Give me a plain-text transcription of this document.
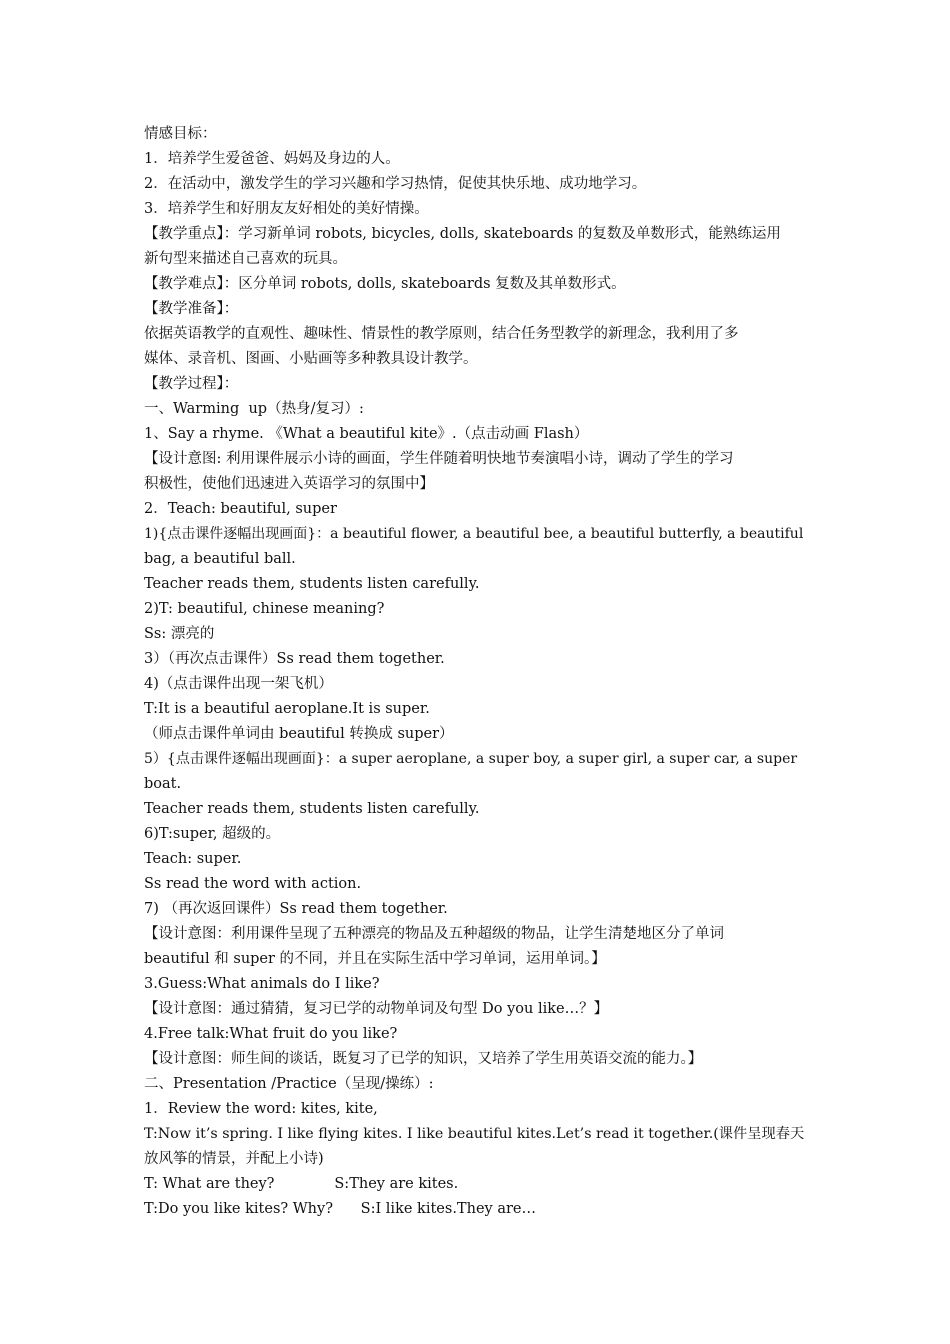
情感目标：
1．培养学生爱爸爸、妈妈及身边的人。
2．在活动中，激发学生的学习兴趣和学习热情，促使其快乐地、成功地学习。
3．培养学生和好朋友友好相处的美好情操。
【教学重点】：学习新单词 robots, bicycles, dolls, skateboards 的复数及单数形式，能熟练运用
新句型来描述自己喜欢的玩具。
【教学难点】：区分单词 robots, dolls, skateboards 复数及其单数形式。
【教学准备】：
依据英语教学的直观性、趣味性、情景性的教学原则，结合任务型教学的新理念，我利用了多
媒体、录音机、图画、小贴画等多种教具设计教学。
【教学过程】：
一、Warming  up（热身/复习）:
1、Say a rhyme. 《What a beautiful kite》.（点击动画 Flash）
【设计意图: 利用课件展示小诗的画面，学生伴随着明快地节奏演唱小诗，调动了学生的学习
积极性，使他们迅速进入英语学习的氛围中】
2．Teach: beautiful, super
1){点击课件逐幅出现画面}：a beautiful flower, a beautiful bee, a beautiful butterfly, a beautiful
bag, a beautiful ball.
Teacher reads them, students listen carefully.
2)T: beautiful, chinese meaning?
Ss: 漂亮的
3）（再次点击课件）Ss read them together.
4)（点击课件出现一架飞机）
T:It is a beautiful aeroplane.It is super.
（师点击课件单词由 beautiful 转换成 super）
5）{点击课件逐幅出现画面}：a super aeroplane, a super boy, a super girl, a super car, a super
boat.
Teacher reads them, students listen carefully.
6)T:super, 超级的。
Teach: super.
Ss read the word with action.
7) （再次返回课件）Ss read them together.
【设计意图：利用课件呈现了五种漂亮的物品及五种超级的物品，让学生清楚地区分了单词
beautiful 和 super 的不同，并且在实际生活中学习单词，运用单词。】
3.Guess:What animals do I like?
【设计意图：通过猜猜，复习已学的动物单词及句型 Do you like…？】
4.Free talk:What fruit do you like?
【设计意图：师生间的谈话，既复习了已学的知识，又培养了学生用英语交流的能力。】
二、Presentation /Practice（呈现/操练）:
1．Review the word: kites, kite,
T:Now it’s spring. I like flying kites. I like beautiful kites.Let’s read it together.(课件呈现春天
放风筝的情景，并配上小诗)
T: What are they?             S:They are kites.
T:Do you like kites? Why?      S:I like kites.They are…
